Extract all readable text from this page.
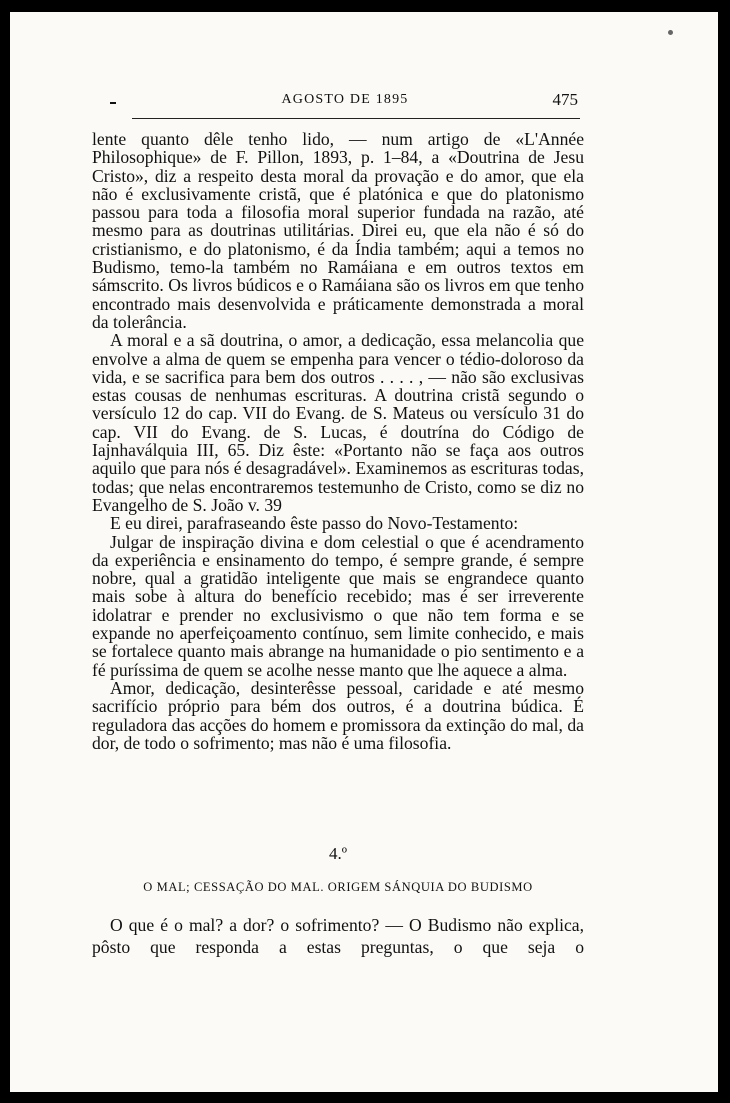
AGOSTO DE 1895	475

lente quanto dêle tenho lido, — num artigo de «L'Année Philosophique» de F. Pillon, 1893, p. 1–84, a «Doutrina de Jesu Cristo», diz a respeito desta moral da provação e do amor, que ela não é exclusivamente cristã, que é platónica e que do platonismo passou para toda a filosofia moral superior fundada na razão, até mesmo para as doutrinas utilitárias. Direi eu, que ela não é só do cristianismo, e do platonismo, é da Índia também; aqui a temos no Budismo, temo-la também no Ramáiana e em outros textos em sámscrito. Os livros búdicos e o Ramáiana são os livros em que tenho encontrado mais desenvolvida e práticamente demonstrada a moral da tolerância.

A moral e a sã doutrina, o amor, a dedicação, essa melancolia que envolve a alma de quem se empenha para vencer o tédio-doloroso da vida, e se sacrifica para bem dos outros . . . . , — não são exclusivas estas cousas de nenhumas escrituras. A doutrina cristã segundo o versículo 12 do cap. VII do Evang. de S. Mateus ou versículo 31 do cap. VII do Evang. de S. Lucas, é doutrína do Código de Iajnhaválquia III, 65. Diz êste: «Portanto não se faça aos outros aquilo que para nós é desagradável». Examinemos as escrituras todas, todas; que nelas encontraremos testemunho de Cristo, como se diz no Evangelho de S. João v. 39

E eu direi, parafraseando êste passo do Novo-Testamento:

Julgar de inspiração divina e dom celestial o que é acendramento da experiência e ensinamento do tempo, é sempre grande, é sempre nobre, qual a gratidão inteligente que mais se engrandece quanto mais sobe à altura do benefício recebido; mas é ser irreverente idolatrar e prender no exclusivismo o que não tem forma e se expande no aperfeiçoamento contínuo, sem limite conhecido, e mais se fortalece quanto mais abrange na humanidade o pio sentimento e a fé puríssima de quem se acolhe nesse manto que lhe aquece a alma.

Amor, dedicação, desinterêsse pessoal, caridade e até mesmo sacrifício próprio para bém dos outros, é a doutrina búdica. É reguladora das acções do homem e promissora da extinção do mal, da dor, de todo o sofrimento; mas não é uma filosofia.

4.º
O MAL; CESSAÇÃO DO MAL. ORIGEM SÁNQUIA DO BUDISMO

O que é o mal? a dor? o sofrimento? — O Budismo não explica, pôsto que responda a estas preguntas, o que seja o
